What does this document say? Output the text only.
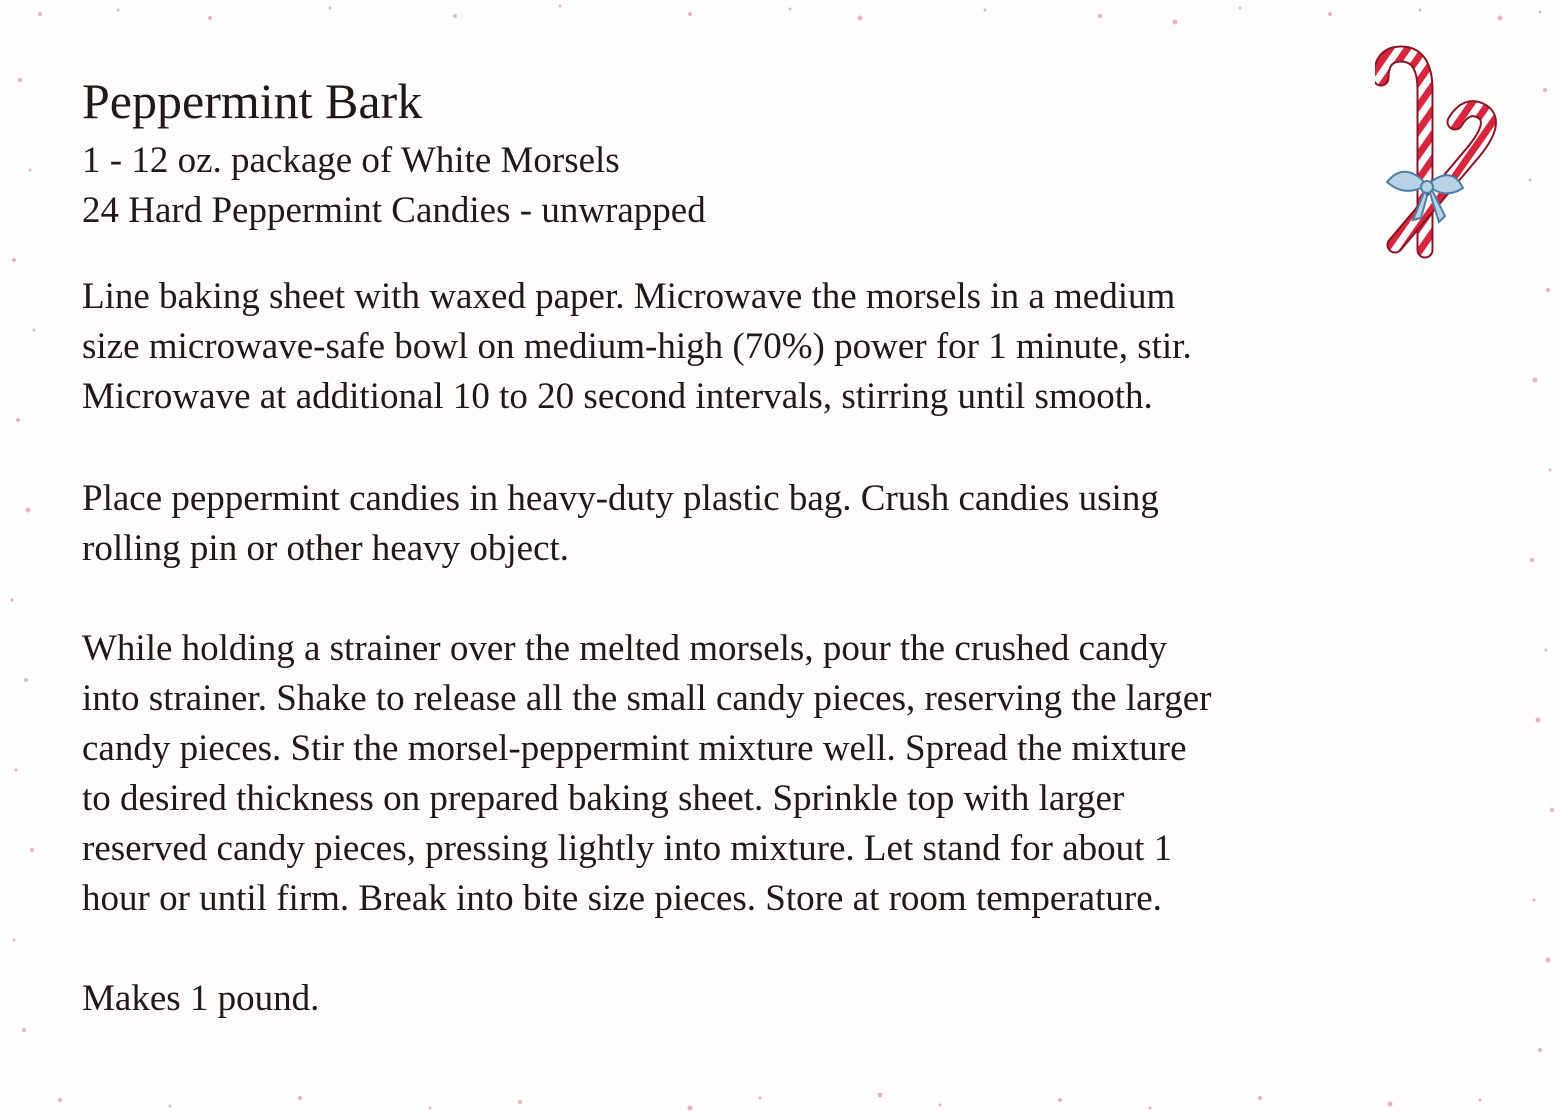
Peppermint Bark
1 - 12 oz. package of White Morsels
24 Hard Peppermint Candies - unwrapped
Line baking sheet with waxed paper. Microwave the morsels in a medium
size microwave-safe bowl on medium-high (70%) power for 1 minute, stir.
Microwave at additional 10 to 20 second intervals, stirring until smooth.
Place peppermint candies in heavy-duty plastic bag. Crush candies using
rolling pin or other heavy object.
While holding a strainer over the melted morsels, pour the crushed candy
into strainer. Shake to release all the small candy pieces, reserving the larger
candy pieces. Stir the morsel-peppermint mixture well. Spread the mixture
to desired thickness on prepared baking sheet. Sprinkle top with larger
reserved candy pieces, pressing lightly into mixture. Let stand for about 1
hour or until firm. Break into bite size pieces. Store at room temperature.

Makes 1 pound.
